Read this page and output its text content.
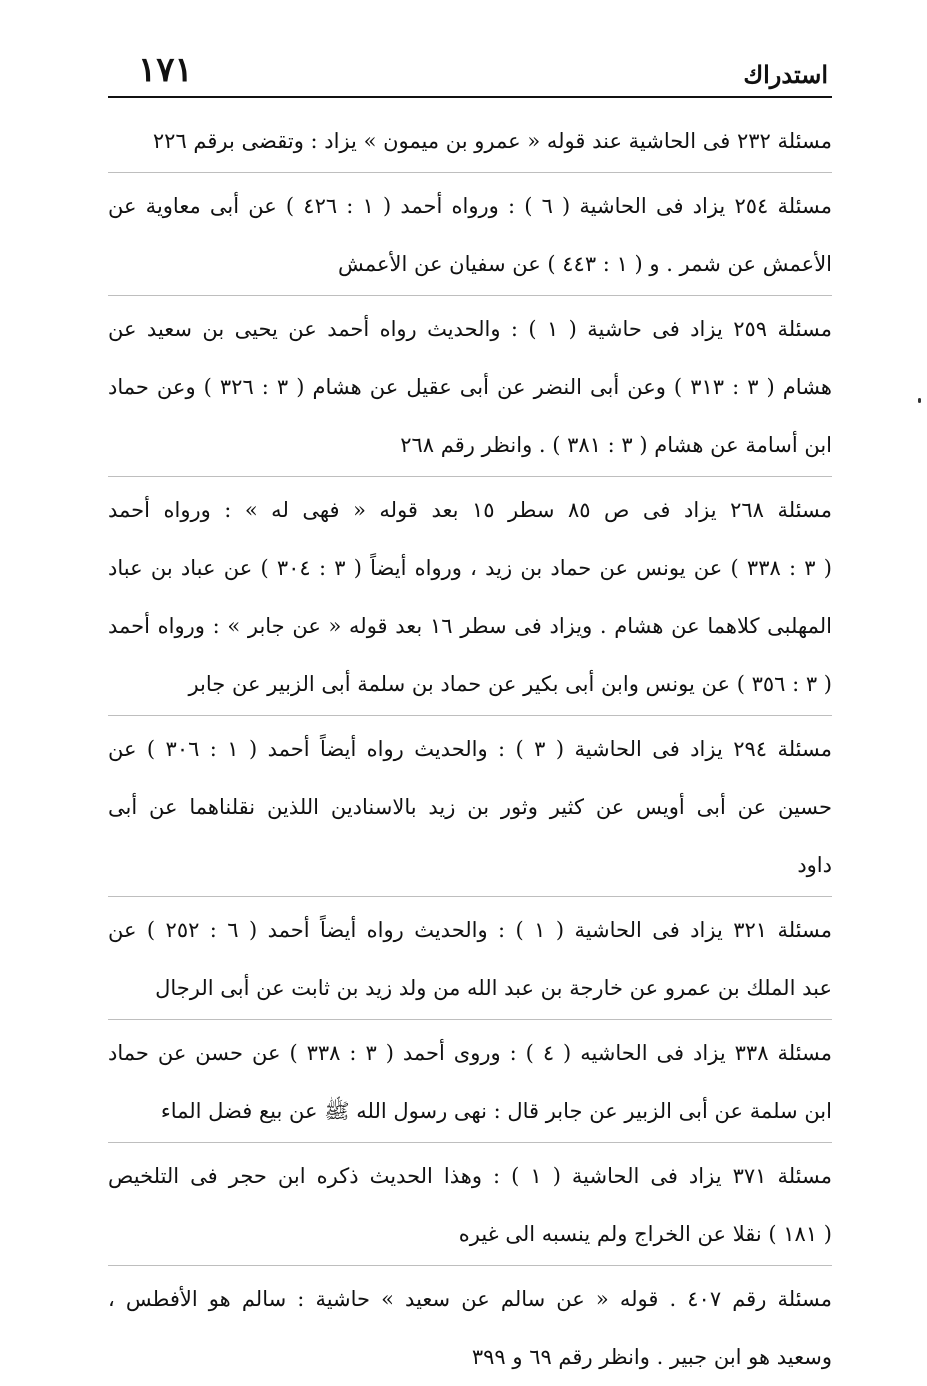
استدراك
١٧١
مسئلة ٢٣٢ فى الحاشية عند قوله « عمرو بن ميمون » يزاد : وتقضى برقم ٢٢٦
مسئلة ٢٥٤ يزاد فى الحاشية ( ٦ ) : ورواه أحمد ( ١ : ٤٢٦ ) عن أبى معاوية عن
الأعمش عن شمر . و ( ١ : ٤٤٣ ) عن سفيان عن الأعمش
مسئلة ٢٥٩ يزاد فى حاشية ( ١ ) : والحديث رواه أحمد عن يحيى بن سعيد عن
هشام ( ٣ : ٣١٣ ) وعن أبى النضر عن أبى عقيل عن هشام ( ٣ : ٣٢٦ ) وعن حماد
ابن أسامة عن هشام ( ٣ : ٣٨١ ) . وانظر رقم ٢٦٨
مسئلة ٢٦٨ يزاد فى ص ٨٥ سطر ١٥ بعد قوله « فهى له » : ورواه أحمد
( ٣ : ٣٣٨ ) عن يونس عن حماد بن زيد ، ورواه أيضاً ( ٣ : ٣٠٤ ) عن عباد بن عباد
المهلبى كلاهما عن هشام . ويزاد فى سطر ١٦ بعد قوله « عن جابر » : ورواه أحمد
( ٣ : ٣٥٦ ) عن يونس وابن أبى بكير عن حماد بن سلمة أبى الزبير عن جابر
مسئلة ٢٩٤ يزاد فى الحاشية ( ٣ ) : والحديث رواه أيضاً أحمد ( ١ : ٣٠٦ ) عن
حسين عن أبى أويس عن كثير وثور بن زيد بالاسنادين اللذين نقلناهما عن أبى
داود
مسئلة ٣٢١ يزاد فى الحاشية ( ١ ) : والحديث رواه أيضاً أحمد ( ٦ : ٢٥٢ ) عن
عبد الملك بن عمرو عن خارجة بن عبد الله من ولد زيد بن ثابت عن أبى الرجال
مسئلة ٣٣٨ يزاد فى الحاشيه ( ٤ ) : وروى أحمد ( ٣ : ٣٣٨ ) عن حسن عن حماد
ابن سلمة عن أبى الزبير عن جابر قال : نهى رسول الله ﷺ عن بيع فضل الماء
مسئلة ٣٧١ يزاد فى الحاشية ( ١ ) : وهذا الحديث ذكره ابن حجر فى التلخيص
( ١٨١ ) نقلا عن الخراج ولم ينسبه الى غيره
مسئلة رقم ٤٠٧ . قوله « عن سالم عن سعيد » حاشية : سالم هو الأفطس ،
وسعيد هو ابن جبير . وانظر رقم ٦٩ و ٣٩٩
